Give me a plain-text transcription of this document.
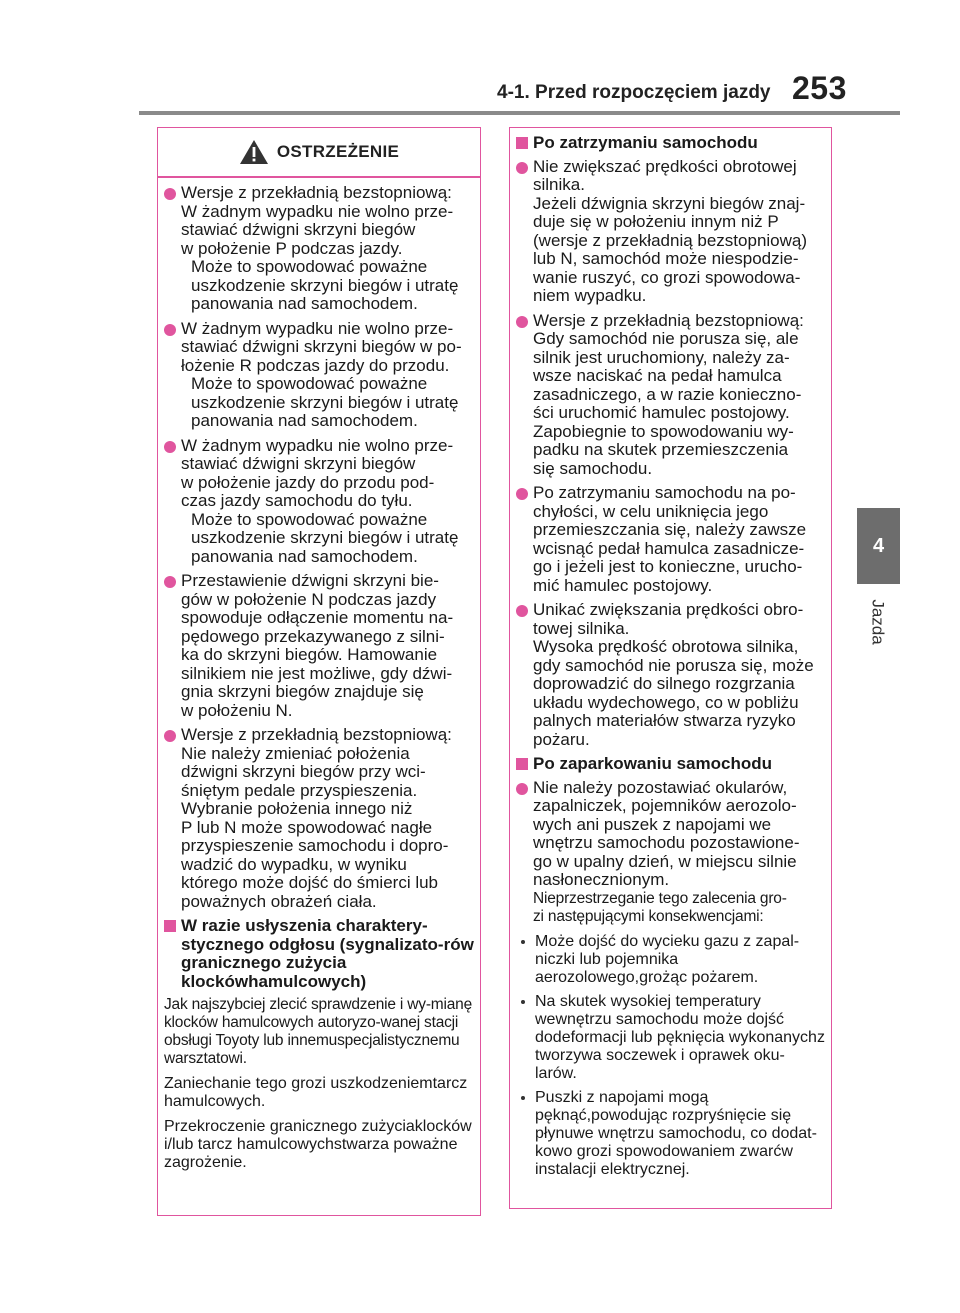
4-1. Przed rozpoczęciem jazdy 253
4
Jazda
OSTRZEŻENIE
Wersje z przekładnią bezstopniową:
W żadnym wypadku nie wolno prze-
stawiać dźwigni skrzyni biegów
w położenie P podczas jazdy.
Może to spowodować poważne
uszkodzenie skrzyni biegów i utratę
panowania nad samochodem.
W żadnym wypadku nie wolno prze-
stawiać dźwigni skrzyni biegów w po-
łożenie R podczas jazdy do przodu.
Może to spowodować poważne
uszkodzenie skrzyni biegów i utratę
panowania nad samochodem.
W żadnym wypadku nie wolno prze-
stawiać dźwigni skrzyni biegów
w położenie jazdy do przodu pod-
czas jazdy samochodu do tyłu.
Może to spowodować poważne
uszkodzenie skrzyni biegów i utratę
panowania nad samochodem.
Przestawienie dźwigni skrzyni bie-
gów w położenie N podczas jazdy
spowoduje odłączenie momentu na-
pędowego przekazywanego z silni-
ka do skrzyni biegów. Hamowanie
silnikiem nie jest możliwe, gdy dźwi-
gnia skrzyni biegów znajduje się
w położeniu N.
Wersje z przekładnią bezstopniową:
Nie należy zmieniać położenia
dźwigni skrzyni biegów przy wci-
śniętym pedale przyspieszenia.
Wybranie położenia innego niż
P lub N może spowodować nagłe
przyspieszenie samochodu i dopro-
wadzić do wypadku, w wyniku
którego może dojść do śmierci lub
poważnych obrażeń ciała.
W razie usłyszenia charaktery-stycznego odgłosu (sygnalizato-rów granicznego zużycia klockówhamulcowych)
Jak najszybciej zlecić sprawdzenie i wy-mianę klocków hamulcowych autoryzo-wanej stacji obsługi Toyoty lub innemuspecjalistycznemu warsztatowi.
Zaniechanie tego grozi uszkodzeniemtarcz hamulcowych.
Przekroczenie granicznego zużyciaklocków i/lub tarcz hamulcowychstwarza poważne zagrożenie.
Po zatrzymaniu samochodu
Nie zwiększać prędkości obrotowej
silnika.
Jeżeli dźwignia skrzyni biegów znaj-
duje się w położeniu innym niż P
(wersje z przekładnią bezstopniową)
lub N, samochód może niespodzie-
wanie ruszyć, co grozi spowodowa-
niem wypadku.
Wersje z przekładnią bezstopniową:
Gdy samochód nie porusza się, ale
silnik jest uruchomiony, należy za-
wsze naciskać na pedał hamulca
zasadniczego, a w razie konieczno-
ści uruchomić hamulec postojowy.
Zapobiegnie to spowodowaniu wy-
padku na skutek przemieszczenia
się samochodu.
Po zatrzymaniu samochodu na po-
chyłości, w celu uniknięcia jego
przemieszczania się, należy zawsze
wcisnąć pedał hamulca zasadnicze-
go i jeżeli jest to konieczne, urucho-
mić hamulec postojowy.
Unikać zwiększania prędkości obro-
towej silnika.
Wysoka prędkość obrotowa silnika,
gdy samochód nie porusza się, może
doprowadzić do silnego rozgrzania
układu wydechowego, co w pobliżu
palnych materiałów stwarza ryzyko
pożaru.
Po zaparkowaniu samochodu
Nie należy pozostawiać okularów,
zapalniczek, pojemników aerozolo-
wych ani puszek z napojami we
wnętrzu samochodu pozostawione-
go w upalny dzień, w miejscu silnie
nasłonecznionym.
Nieprzestrzeganie tego zalecenia gro-
zi następującymi konsekwencjami:
Może dojść do wycieku gazu z zapal-niczki lub pojemnika aerozolowego,grożąc pożarem.
Na skutek wysokiej temperatury wewnętrzu samochodu może dojść dodeformacji lub pęknięcia wykonanychz tworzywa soczewek i oprawek oku-larów.
Puszki z napojami mogą pęknąć,powodując rozpryśnięcie się płynuwe wnętrzu samochodu, co dodat-kowo grozi spowodowaniem zwarćw instalacji elektrycznej.
